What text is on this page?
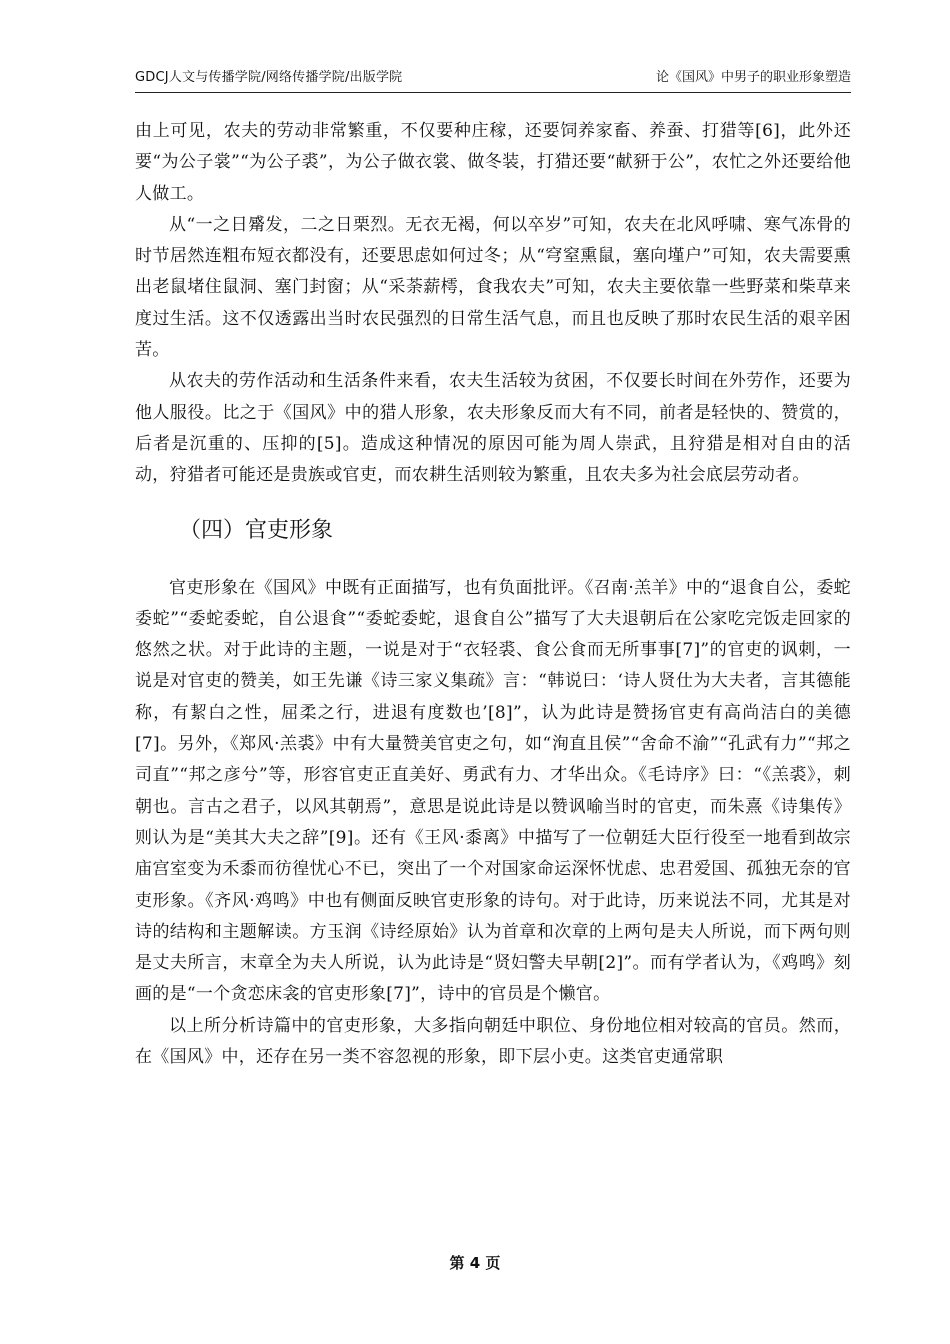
GDCJ人文与传播学院/网络传播学院/出版学院	论《国风》中男子的职业形象塑造

由上可见，农夫的劳动非常繁重，不仅要种庄稼，还要饲养家畜、养蚕、打猎等[6]，此外还要“为公子裳”“为公子裘”，为公子做衣裳、做冬装，打猎还要“献豜于公”，农忙之外还要给他人做工。

从“一之日觱发，二之日栗烈。无衣无褐，何以卒岁”可知，农夫在北风呼啸、寒气冻骨的时节居然连粗布短衣都没有，还要思虑如何过冬；从“穹窒熏鼠，塞向墐户”可知，农夫需要熏出老鼠堵住鼠洞、塞门封窗；从“采荼薪樗，食我农夫”可知，农夫主要依靠一些野菜和柴草来度过生活。这不仅透露出当时农民强烈的日常生活气息，而且也反映了那时农民生活的艰辛困苦。

从农夫的劳作活动和生活条件来看，农夫生活较为贫困，不仅要长时间在外劳作，还要为他人服役。比之于《国风》中的猎人形象，农夫形象反而大有不同，前者是轻快的、赞赏的，后者是沉重的、压抑的[5]。造成这种情况的原因可能为周人崇武，且狩猎是相对自由的活动，狩猎者可能还是贵族或官吏，而农耕生活则较为繁重，且农夫多为社会底层劳动者。

（四）官吏形象

官吏形象在《国风》中既有正面描写，也有负面批评。《召南·羔羊》中的“退食自公，委蛇委蛇”“委蛇委蛇，自公退食”“委蛇委蛇，退食自公”描写了大夫退朝后在公家吃完饭走回家的悠然之状。对于此诗的主题，一说是对于“衣轻裘、食公食而无所事事[7]”的官吏的讽刺，一说是对官吏的赞美，如王先谦《诗三家义集疏》言：“韩说曰：‘诗人贤仕为大夫者，言其德能称，有絜白之性，屈柔之行，进退有度数也’[8]”，认为此诗是赞扬官吏有高尚洁白的美德[7]。另外，《郑风·羔裘》中有大量赞美官吏之句，如“洵直且侯”“舍命不渝”“孔武有力”“邦之司直”“邦之彦兮”等，形容官吏正直美好、勇武有力、才华出众。《毛诗序》曰：“《羔裘》，刺朝也。言古之君子，以风其朝焉”，意思是说此诗是以赞讽喻当时的官吏，而朱熹《诗集传》则认为是“美其大夫之辞”[9]。还有《王风·黍离》中描写了一位朝廷大臣行役至一地看到故宗庙宫室变为禾黍而彷徨忧心不已，突出了一个对国家命运深怀忧虑、忠君爱国、孤独无奈的官吏形象。《齐风·鸡鸣》中也有侧面反映官吏形象的诗句。对于此诗，历来说法不同，尤其是对诗的结构和主题解读。方玉润《诗经原始》认为首章和次章的上两句是夫人所说，而下两句则是丈夫所言，末章全为夫人所说，认为此诗是“贤妇警夫早朝[2]”。而有学者认为，《鸡鸣》刻画的是“一个贪恋床衾的官吏形象[7]”，诗中的官员是个懒官。

以上所分析诗篇中的官吏形象，大多指向朝廷中职位、身份地位相对较高的官员。然而，在《国风》中，还存在另一类不容忽视的形象，即下层小吏。这类官吏通常职

第 4 页
